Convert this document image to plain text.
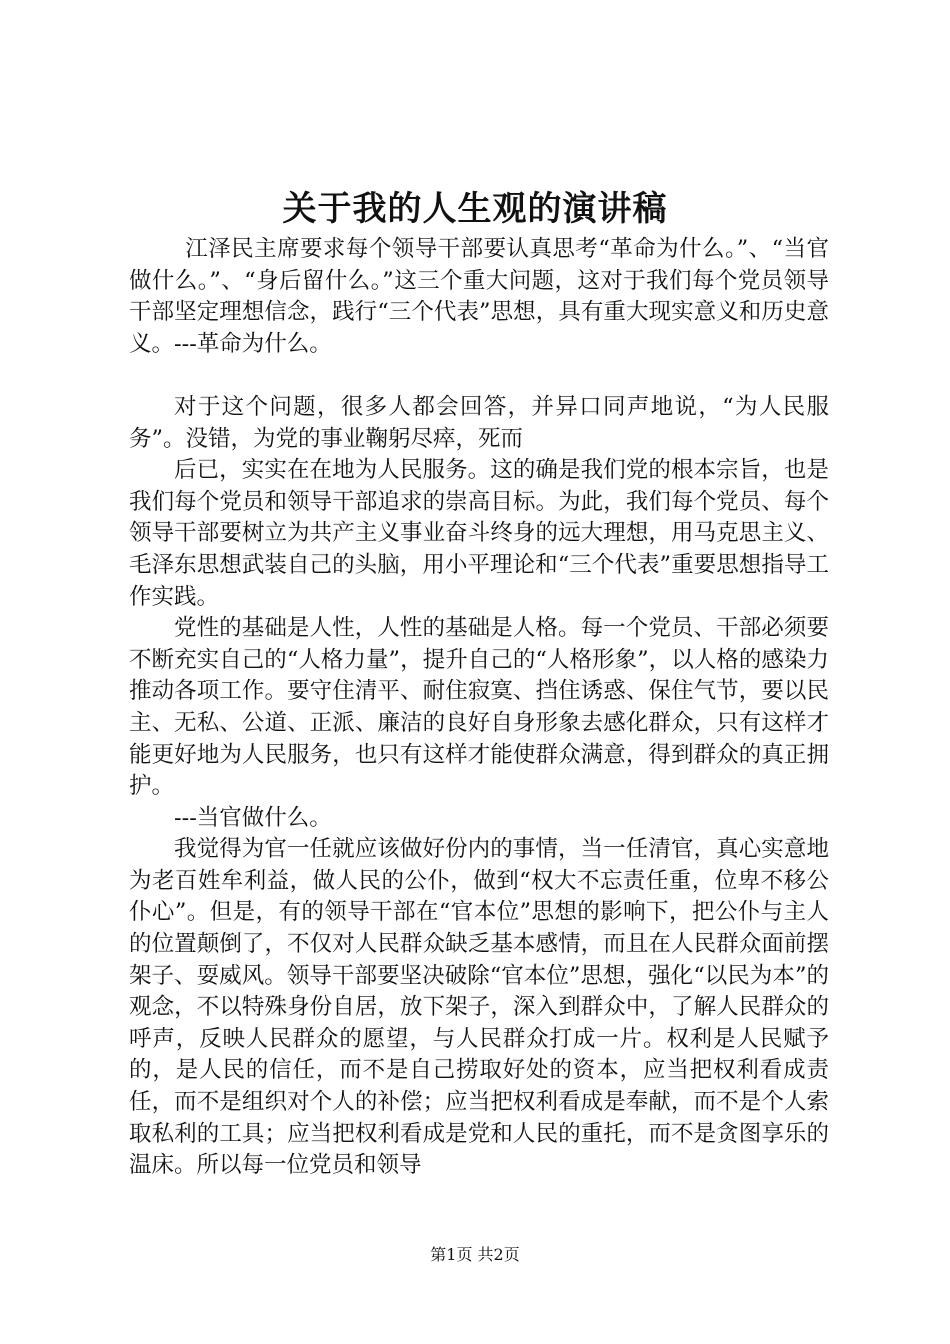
关于我的人生观的演讲稿

江泽民主席要求每个领导干部要认真思考“革命为什么。”、“当官做什么。”、“身后留什么。”这三个重大问题，这对于我们每个党员领导干部坚定理想信念，践行“三个代表”思想，具有重大现实意义和历史意义。---革命为什么。

对于这个问题，很多人都会回答，并异口同声地说，“为人民服务”。没错，为党的事业鞠躬尽瘁，死而

后已，实实在在地为人民服务。这的确是我们党的根本宗旨，也是我们每个党员和领导干部追求的崇高目标。为此，我们每个党员、每个领导干部要树立为共产主义事业奋斗终身的远大理想，用马克思主义、毛泽东思想武装自己的头脑，用小平理论和“三个代表”重要思想指导工作实践。

党性的基础是人性，人性的基础是人格。每一个党员、干部必须要不断充实自己的“人格力量”，提升自己的“人格形象”，以人格的感染力推动各项工作。要守住清平、耐住寂寞、挡住诱惑、保住气节，要以民主、无私、公道、正派、廉洁的良好自身形象去感化群众，只有这样才能更好地为人民服务，也只有这样才能使群众满意，得到群众的真正拥护。

---当官做什么。

我觉得为官一任就应该做好份内的事情，当一任清官，真心实意地为老百姓牟利益，做人民的公仆，做到“权大不忘责任重，位卑不移公仆心”。但是，有的领导干部在“官本位”思想的影响下，把公仆与主人的位置颠倒了，不仅对人民群众缺乏基本感情，而且在人民群众面前摆架子、耍威风。领导干部要坚决破除“官本位”思想，强化“以民为本”的观念，不以特殊身份自居，放下架子，深入到群众中，了解人民群众的呼声，反映人民群众的愿望，与人民群众打成一片。权利是人民赋予的，是人民的信任，而不是自己捞取好处的资本，应当把权利看成责任，而不是组织对个人的补偿；应当把权利看成是奉献，而不是个人索取私利的工具；应当把权利看成是党和人民的重托，而不是贪图享乐的温床。所以每一位党员和领导

第1页 共2页
